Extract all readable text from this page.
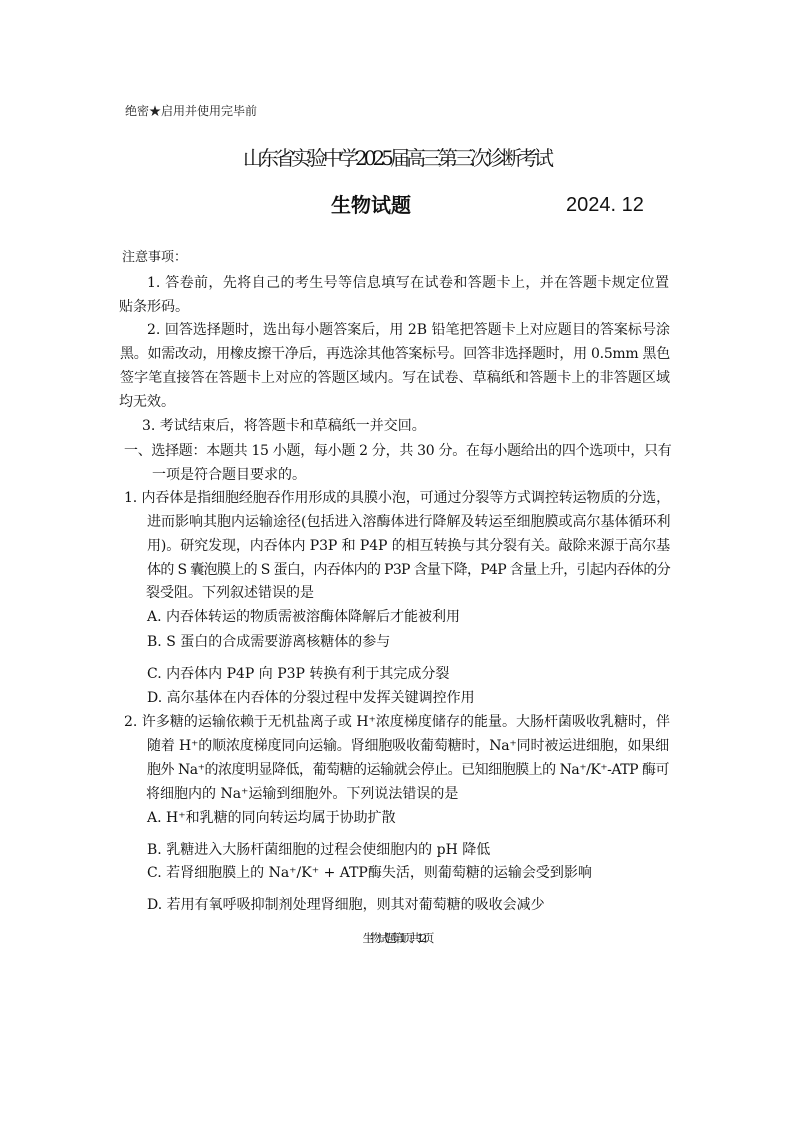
绝密★启用并使用完毕前
山东省实验中学2025届高三第三次诊断考试
生物试题	2024. 12
注意事项：
1. 答卷前，先将自己的考生号等信息填写在试卷和答题卡上，并在答题卡规定位置
贴条形码。
2. 回答选择题时，选出每小题答案后，用 2B 铅笔把答题卡上对应题目的答案标号涂
黑。如需改动，用橡皮擦干净后，再选涂其他答案标号。回答非选择题时，用 0.5mm 黑色
签字笔直接答在答题卡上对应的答题区域内。写在试卷、草稿纸和答题卡上的非答题区域
均无效。
3. 考试结束后，将答题卡和草稿纸一并交回。
一、选择题：本题共 15 小题，每小题 2 分，共 30 分。在每小题给出的四个选项中，只有
一项是符合题目要求的。
1. 内吞体是指细胞经胞吞作用形成的具膜小泡，可通过分裂等方式调控转运物质的分选，
进而影响其胞内运输途径(包括进入溶酶体进行降解及转运至细胞膜或高尔基体循环利
用)。研究发现，内吞体内 P3P 和 P4P 的相互转换与其分裂有关。敲除来源于高尔基
体的 S 囊泡膜上的 S 蛋白，内吞体内的 P3P 含量下降，P4P 含量上升，引起内吞体的分
裂受阻。下列叙述错误的是
A. 内吞体转运的物质需被溶酶体降解后才能被利用
B. S 蛋白的合成需要游离核糖体的参与
C. 内吞体内 P4P 向 P3P 转换有利于其完成分裂
D. 高尔基体在内吞体的分裂过程中发挥关键调控作用
2. 许多糖的运输依赖于无机盐离子或 H⁺浓度梯度储存的能量。大肠杆菌吸收乳糖时，伴
随着 H⁺的顺浓度梯度同向运输。肾细胞吸收葡萄糖时，Na⁺同时被运进细胞，如果细
胞外 Na⁺的浓度明显降低，葡萄糖的运输就会停止。已知细胞膜上的 Na⁺/K⁺-ATP 酶可
将细胞内的 Na⁺运输到细胞外。下列说法错误的是
A. H⁺和乳糖的同向转运均属于协助扩散
B. 乳糖进入大肠杆菌细胞的过程会使细胞内的 pH 降低
C. 若肾细胞膜上的 Na⁺/K⁺ + ATP酶失活，则葡萄糖的运输会受到影响
D. 若用有氧呼吸抑制剂处理肾细胞，则其对葡萄糖的吸收会减少
生物试题 第 1 页 共 12 页
